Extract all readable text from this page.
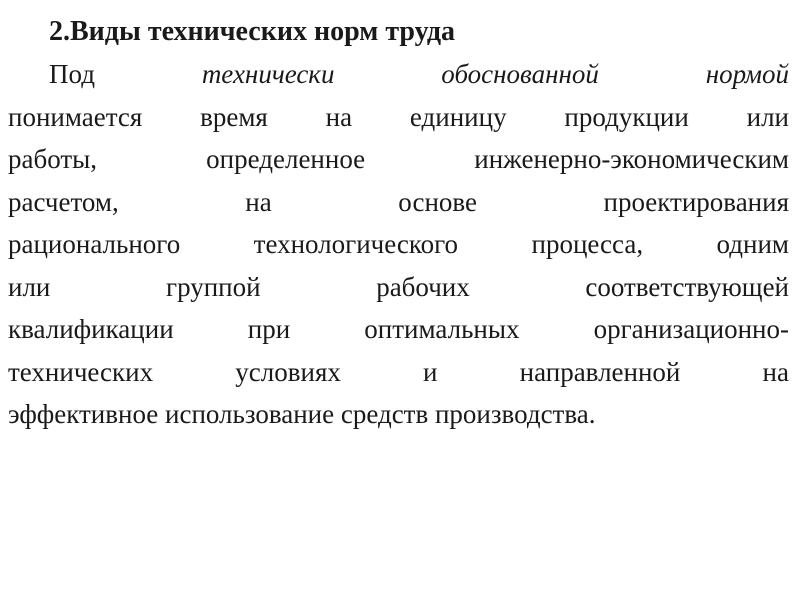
2.Виды технических норм труда
Под	технически	обоснованной	нормой
понимается время на единицу продукции или
работы, определенное инженерно-экономическим
расчетом, на основе проектирования
рационального технологического процесса, одним
или группой рабочих соответствующей
квалификации при оптимальных организационно-
технических условиях и направленной на
эффективное использование средств производства.
